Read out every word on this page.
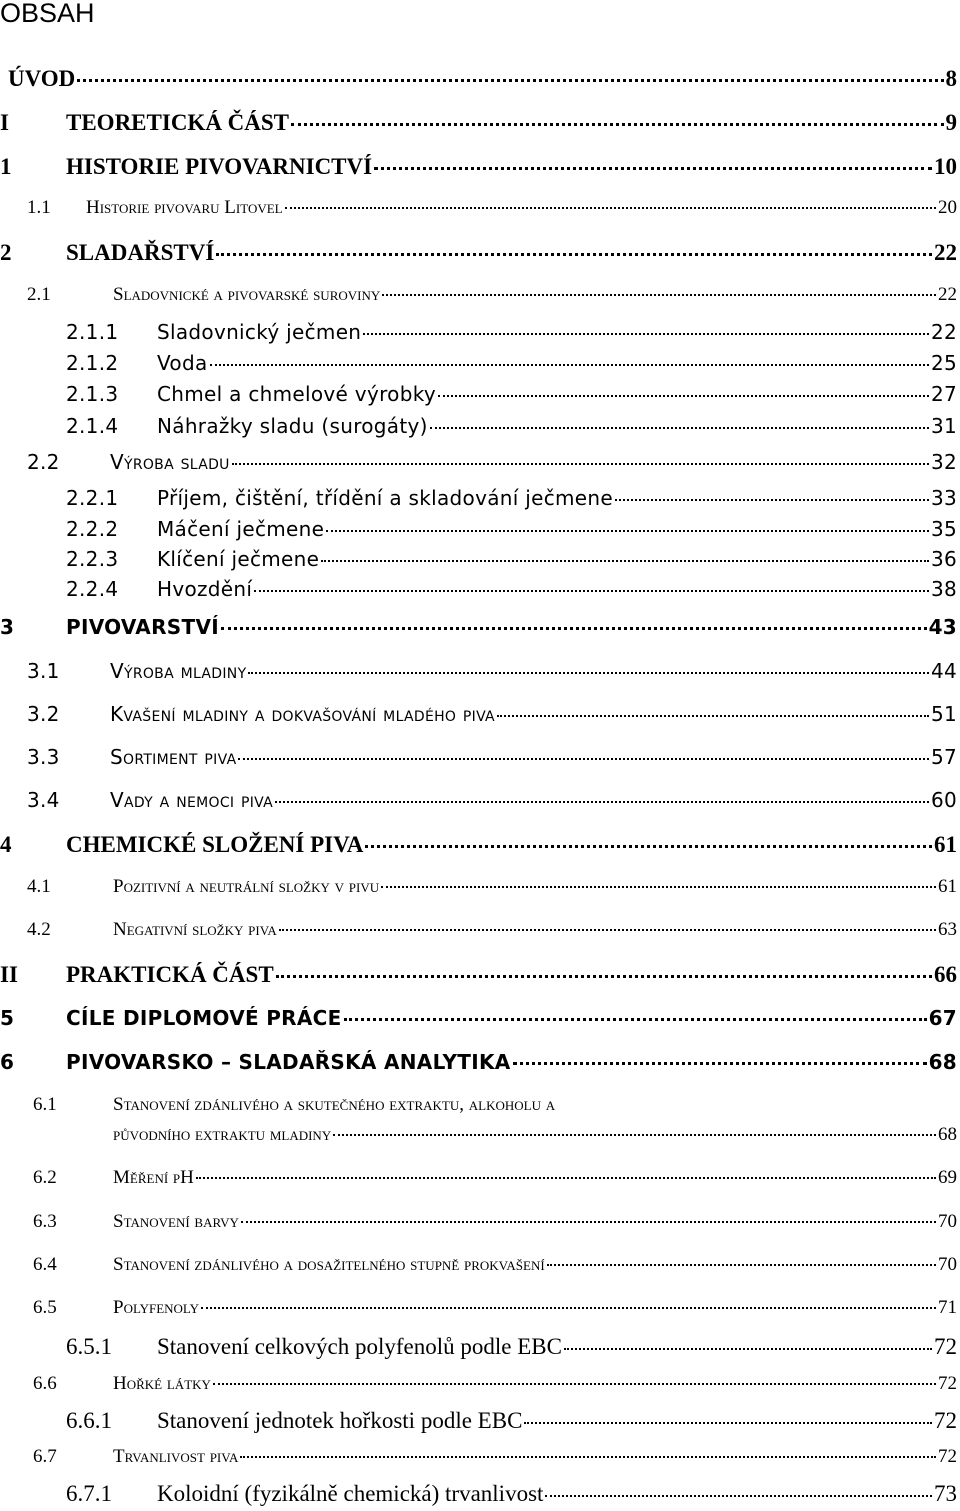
OBSAH
ÚVOD	8
I	TEORETICKÁ ČÁST	9
1	HISTORIE PIVOVARNICTVÍ	10
1.1	Historie pivovaru Litovel	20
2	SLADAŘSTVÍ	22
2.1	Sladovnické a pivovarské suroviny	22
2.1.1	Sladovnický ječmen	22
2.1.2	Voda	25
2.1.3	Chmel a chmelové výrobky	27
2.1.4	Náhražky sladu (surogáty)	31
2.2	Výroba sladu	32
2.2.1	Příjem, čištění, třídění a skladování ječmene	33
2.2.2	Máčení ječmene	35
2.2.3	Klíčení ječmene	36
2.2.4	Hvozdění	38
3	PIVOVARSTVÍ	43
3.1	Výroba mladiny	44
3.2	Kvašení mladiny a dokvašování mladého piva	51
3.3	Sortiment piva	57
3.4	Vady a nemoci piva	60
4	CHEMICKÉ SLOŽENÍ PIVA	61
4.1	Pozitivní a neutrální složky v pivu	61
4.2	Negativní složky piva	63
II	PRAKTICKÁ ČÁST	66
5	CÍLE DIPLOMOVÉ PRÁCE	67
6	PIVOVARSKO – SLADAŘSKÁ ANALYTIKA	68
6.1	Stanovení zdánlivého a skutečného extraktu, alkoholu a
původního extraktu mladiny	68
6.2	Měření pH	69
6.3	Stanovení barvy	70
6.4	Stanovení zdánlivého a dosažitelného stupně prokvašení	70
6.5	Polyfenoly	71
6.5.1	Stanovení celkových polyfenolů podle EBC	72
6.6	Hořké látky	72
6.6.1	Stanovení jednotek hořkosti podle EBC	72
6.7	Trvanlivost piva	72
6.7.1	Koloidní (fyzikálně chemická) trvanlivost	73
